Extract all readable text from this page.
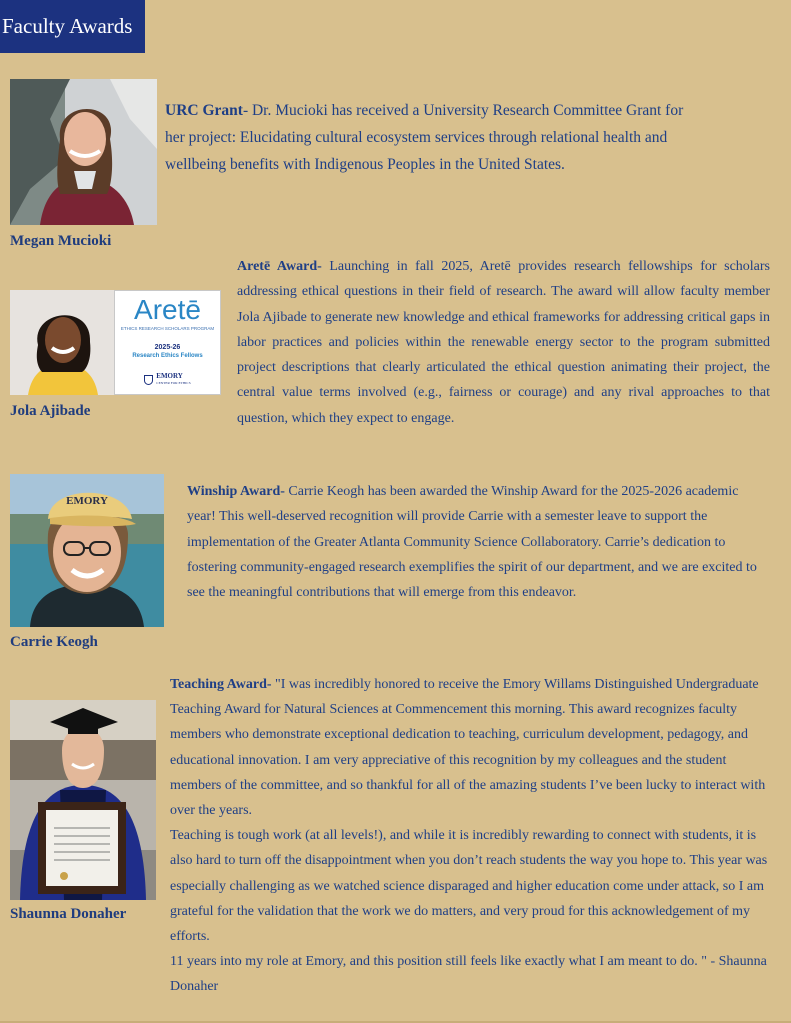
Faculty Awards
Megan Mucioki
URC Grant- Dr. Mucioki has received a University Research Committee Grant for her project: Elucidating cultural ecosystem services through relational health and wellbeing benefits with Indigenous Peoples in the United States.
Aretē
ETHICS RESEARCH SCHOLARS PROGRAM
2025-26
Research Ethics Fellows
EMORY
CENTER FOR ETHICS
Jola Ajibade
Aretē Award- Launching in fall 2025, Aretē provides research fellowships for scholars addressing ethical questions in their field of research. The award will allow faculty member Jola Ajibade to generate new knowledge and ethical frameworks for addressing critical gaps in labor practices and policies within the renewable energy sector to the program submitted project descriptions that clearly articulated the ethical question animating their project, the central value terms involved (e.g., fairness or courage) and any rival approaches to that question, which they expect to engage.
EMORY
Carrie Keogh
Winship Award- Carrie Keogh has been awarded the Winship Award for the 2025-2026 academic year! This well-deserved recognition will provide Carrie with a semester leave to support the implementation of the Greater Atlanta Community Science Collaboratory. Carrie’s dedication to fostering community-engaged research exemplifies the spirit of our department, and we are excited to see the meaningful contributions that will emerge from this endeavor.
Shaunna Donaher
Teaching Award- "I was incredibly honored to receive the Emory Willams Distinguished Undergraduate Teaching Award for Natural Sciences at Commencement this morning. This award recognizes faculty members who demonstrate exceptional dedication to teaching, curriculum development, pedagogy, and educational innovation. I am very appreciative of this recognition by my colleagues and the student members of the committee, and so thankful for all of the amazing students I’ve been lucky to interact with over the years.
Teaching is tough work (at all levels!), and while it is incredibly rewarding to connect with students, it is also hard to turn off the disappointment when you don’t reach students the way you hope to. This year was especially challenging as we watched science disparaged and higher education come under attack, so I am grateful for the validation that the work we do matters, and very proud for this acknowledgement of my efforts.
11 years into my role at Emory, and this position still feels like exactly what I am meant to do. " - Shaunna Donaher
